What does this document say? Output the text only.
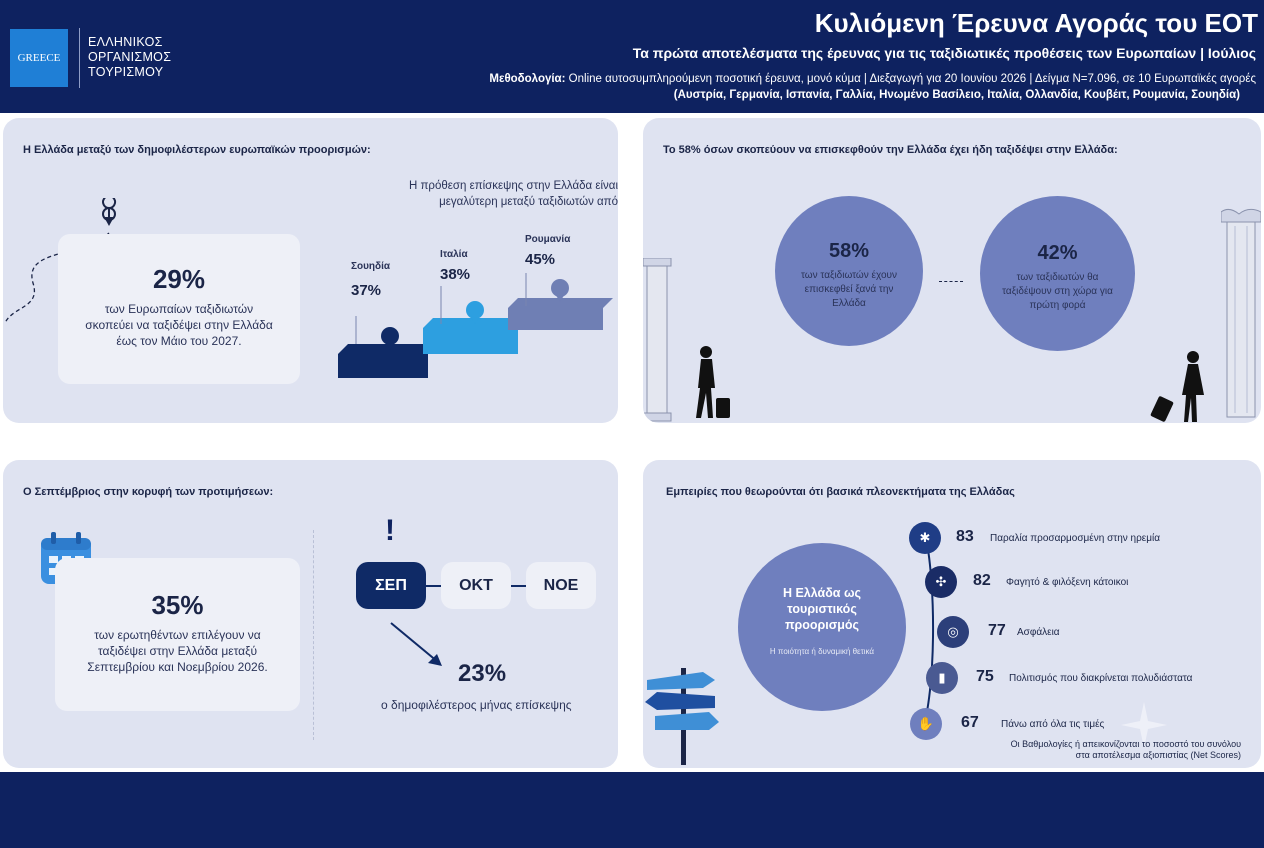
GREECE
ΕΛΛΗΝΙΚΟΣ
ΟΡΓΑΝΙΣΜΟΣ
ΤΟΥΡΙΣΜΟΥ
Κυλιόμενη Έρευνα Αγοράς του ΕΟΤ
Τα πρώτα αποτελέσματα της έρευνας για τις ταξιδιωτικές προθέσεις των Ευρωπαίων | Ιούλιος
Μεθοδολογία: Online αυτοσυμπληρούμενη ποσοτική έρευνα, μονό κύμα | Διεξαγωγή για 20 Ιουνίου 2026 | Δείγμα N=7.096, σε 10 Ευρωπαϊκές αγορές
(Αυστρία, Γερμανία, Ισπανία, Γαλλία, Ηνωμένο Βασίλειο, Ιταλία, Ολλανδία, Κουβέιτ, Ρουμανία, Σουηδία)
Η Ελλάδα μεταξύ των δημοφιλέστερων ευρωπαϊκών προορισμών:
29%
των Ευρωπαίων ταξιδιωτών σκοπεύει να ταξιδέψει στην Ελλάδα έως τον Μάιο του 2027.
Η πρόθεση επίσκεψης στην Ελλάδα είναι μεγαλύτερη μεταξύ ταξιδιωτών από
Σουηδία
37%
Ιταλία
38%
Ρουμανία
45%
Το 58% όσων σκοπεύουν να επισκεφθούν την Ελλάδα έχει ήδη ταξιδέψει στην Ελλάδα:
58%
των ταξιδιωτών έχουν επισκεφθεί ξανά την Ελλάδα
42%
των ταξιδιωτών θα ταξιδέψουν στη χώρα για πρώτη φορά
Ο Σεπτέμβριος στην κορυφή των προτιμήσεων:
35%
των ερωτηθέντων επιλέγουν να ταξιδέψει στην Ελλάδα μεταξύ Σεπτεμβρίου και Νοεμβρίου 2026.
!
ΣΕΠ	ΟΚΤ	ΝΟΕ
23%
ο δημοφιλέστερος μήνας επίσκεψης
Εμπειρίες που θεωρούνται ότι βασικά πλεονεκτήματα της Ελλάδας
Η Ελλάδα ως τουριστικός προορισμός
Η ποιότητα ή δυναμική θετικά
✱	83 Παραλία προσαρμοσμένη στην ηρεμία
✣	82 Φαγητό & φιλόξενη κάτοικοι
◎	77 Ασφάλεια
▮	75 Πολιτισμός που διακρίνεται πολυδιάστατα
✋	67 Πάνω από όλα τις τιμές
Οι Βαθμολογίες ή απεικονίζονται το ποσοστό του συνόλου
στα αποτέλεσμα αξιοπιστίας (Net Scores)
